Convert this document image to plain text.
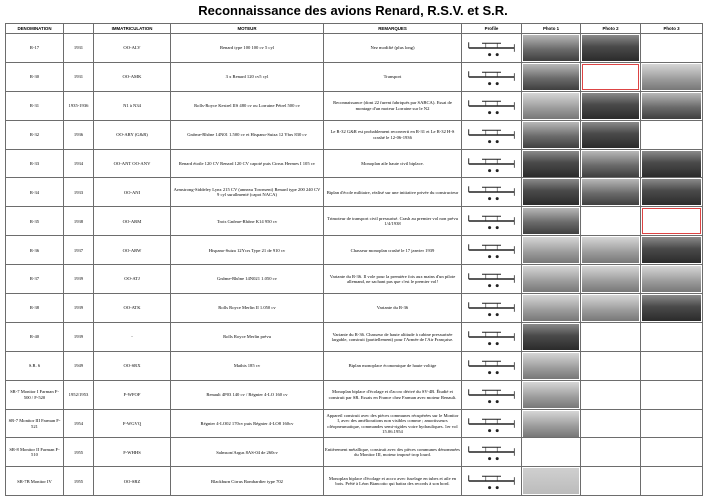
Reconnaissance des avions Renard, R.S.V. et S.R.
DENOMINATION		IMMATRICULATION	MOTEUR	REMARQUES	Profile	Photo 1	Photo 2	Photo 3
R-17	1931	OO-ALV	Renard type 100 100 cv 5 cyl	Nez modifié (plus long)	

R-30	1931	OO-AMK	3 x Renard 120 cv5 cyl	Transport	

R-31	1935-1936	N1 à N34	Rolls-Royce Kestrel IIS 480 cv ou Lorraine Pétrel 500 cv	Reconnaissance (dont 22 furent fabriqués par SABCA). Essai de montage d'un moteur Lorraine sur le N2	

R-32	1936	OO-ARY (G&R)	Gnôme-Rhône 14N01 1.500 cv et Hispano-Suiza 12 Ybrs 830 cv	Le R-32 G&R est probablement reconverti en R-31 et Le R-32 H-S crashé le 12-06-1936	

R-33	1934	OO-ANT OO-ANV	Renard étoile 120 CV Renard 120 CV capoté puis Cirrus Hermes I 105 cv	Monoplan aile haute civil biplace.	

R-34	1933	OO-ANI	Armstrong-Siddeley Lynx 215 CV (anneau Townsent) Renard type 200 240 CV 9 cyl surallmenté (capot NACA)	Biplan d'école militaire, réalisé sur une initiative privée du constructeur	

R-35	1938	OO-ARM	Trois Gnôme-Rhône K14 950 cv	Trimoteur de transport civil pressurisé. Crash au premier vol non prévu 1/4/1938	

R-36	1937	OO-ARW	Hispano-Suiza 12Ycrs Type 21 de 910 cv	Chasseur monoplan crashé le 17 janvier 1939	

R-37	1939	OO-ATJ	Gnôme-Rhône 14N021 1.050 cv	Variante du R-36. Il vole pour la première fois aux mains d'un pilote allemand, ne sachant pas que c'est le premier vol!	

R-38	1939	OO-ATK	Rolls Royce Merlin II 1.050 cv	Variante du R-36	

R-40	1939	-	Rolls Royce Merlin prévu	Variante du R-36. Chasseur de haute altitude à cabine pressurisée largable, construit (partiellement) pour l'Armée de l'Air Française.	

S.R. 6	1949	OO-SRX	Mathis 185 cv	Biplan monoplace économique de haute voltige	

SR-7 Monitor I Farman F-500 / F-520	1952/1953	F-WFOF	Renault 4P03 140 cv / Régnier 4-LO 160 cv	Monoplan biplace d'écolage et d'accro dérivé du SV-4B. Étudié et construit par SR. Essais en France chez Farman avec moteur Renault.	

SR-7 Monitor III Farman F-521	1954	F-WGVQ	Régnier 4-LO02 170cv puis Régnier 4-LO8 160cv	Appareil construit avec des pièces communes récupérées sur le Monitor I, avec des améliorations non visibles comme ; amortisseurs oléopneumatique, commandes semi-rigides voire hydrauliques. 1er vol 15.06.1954	

SR-8 Monitor II Farman F-510	1955	F-WHHS	Salmson/Argus 8AS-04 de 260cv	Entièrement métallique, construit avec des pièces communes dénommées du Monitor III, moteur imposé trop lourd.	

SR-7B Monitor IV	1955	OO-SRZ	Blackburn Cirrus Bombardier type 702	Monoplan biplace d'écolage et accro avec fuselage en tubes et aile en bois. Prêté à Léon Biancotto qui battra des records à son bord.	
